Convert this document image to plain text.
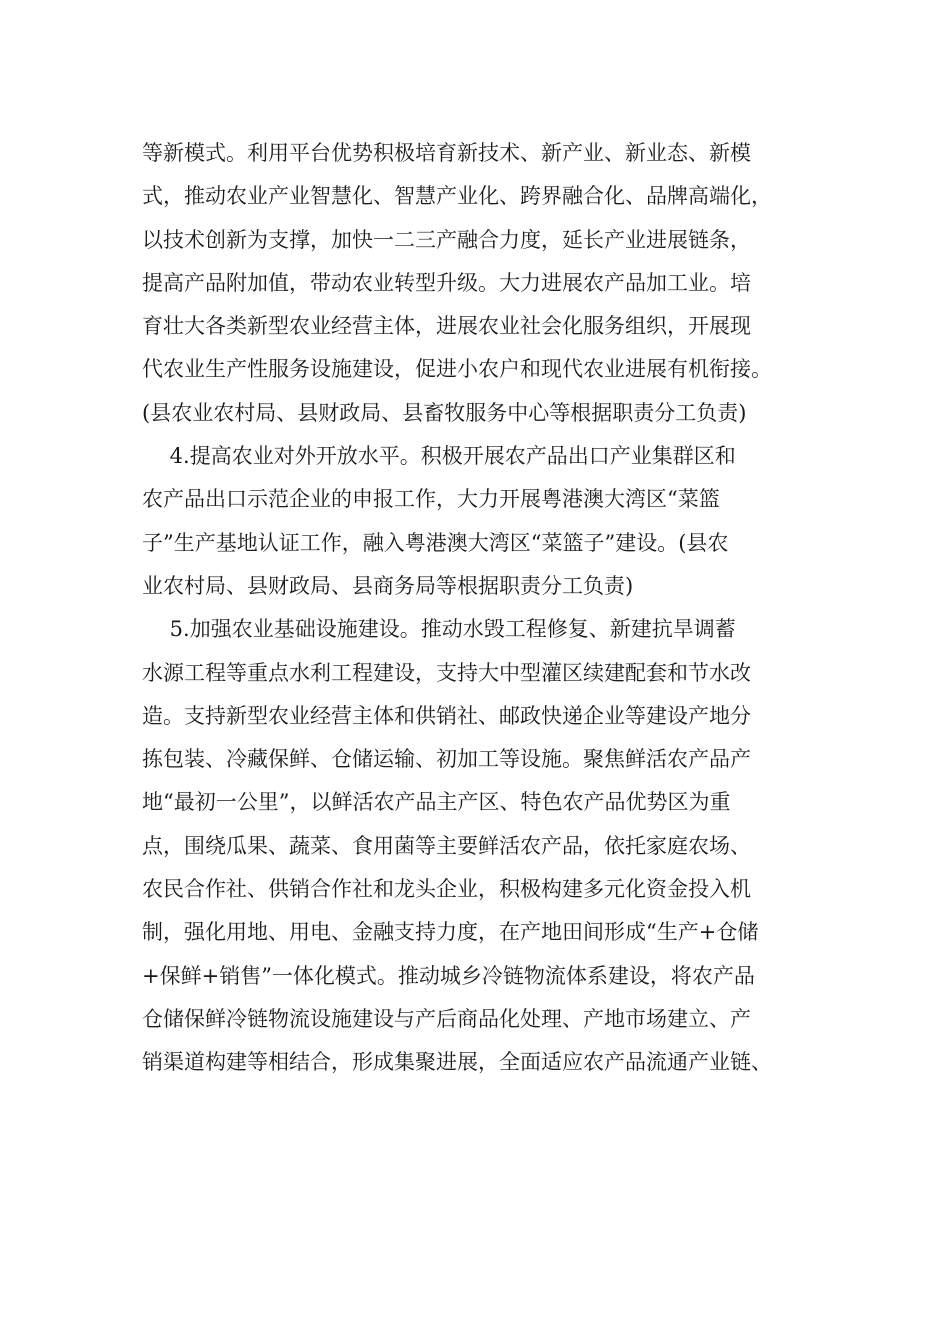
等新模式。利用平台优势积极培育新技术、新产业、新业态、新模
式，推动农业产业智慧化、智慧产业化、跨界融合化、品牌高端化，
以技术创新为支撑，加快一二三产融合力度，延长产业进展链条，
提高产品附加值，带动农业转型升级。大力进展农产品加工业。培
育壮大各类新型农业经营主体，进展农业社会化服务组织，开展现
代农业生产性服务设施建设，促进小农户和现代农业进展有机衔接。
(县农业农村局、县财政局、县畜牧服务中心等根据职责分工负责)
　 4.提高农业对外开放水平。积极开展农产品出口产业集群区和
农产品出口示范企业的申报工作，大力开展粤港澳大湾区“菜篮
子”生产基地认证工作，融入粤港澳大湾区“菜篮子”建设。(县农
业农村局、县财政局、县商务局等根据职责分工负责)
　 5.加强农业基础设施建设。推动水毁工程修复、新建抗旱调蓄
水源工程等重点水利工程建设，支持大中型灌区续建配套和节水改
造。支持新型农业经营主体和供销社、邮政快递企业等建设产地分
拣包装、冷藏保鲜、仓储运输、初加工等设施。聚焦鲜活农产品产
地“最初一公里”，以鲜活农产品主产区、特色农产品优势区为重
点，围绕瓜果、蔬菜、食用菌等主要鲜活农产品，依托家庭农场、
农民合作社、供销合作社和龙头企业，积极构建多元化资金投入机
制，强化用地、用电、金融支持力度，在产地田间形成“生产+仓储
+保鲜+销售”一体化模式。推动城乡冷链物流体系建设，将农产品
仓储保鲜冷链物流设施建设与产后商品化处理、产地市场建立、产
销渠道构建等相结合，形成集聚进展，全面适应农产品流通产业链、
